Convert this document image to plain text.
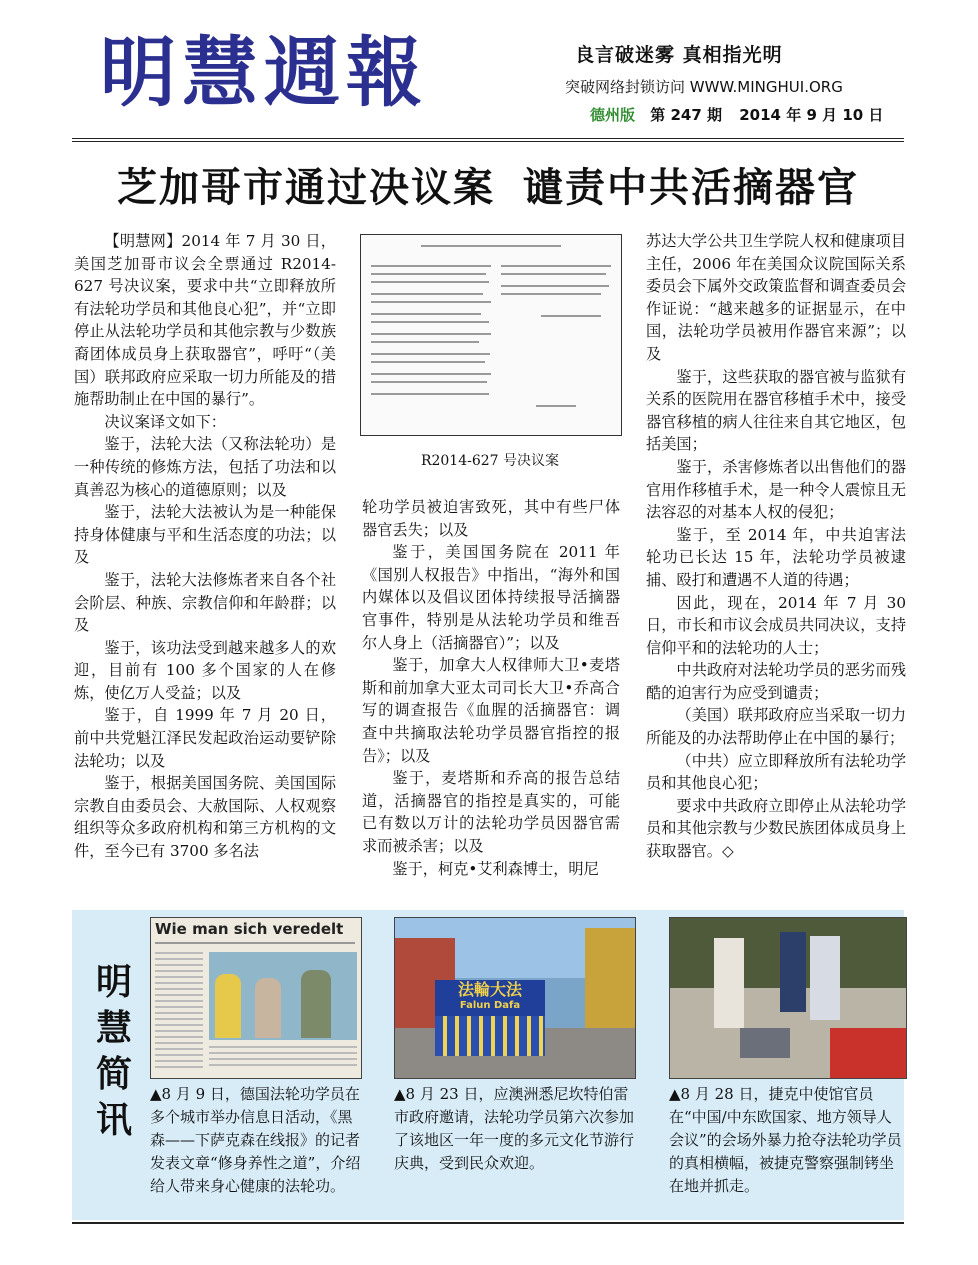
明慧週報	良言破迷雾 真相指光明
突破网络封锁访问 WWW.MINGHUI.ORG
德州版 第 247 期 2014 年 9 月 10 日
芝加哥市通过决议案 谴责中共活摘器官

【明慧网】2014 年 7 月 30 日，美国芝加哥市议会全票通过 R2014-627 号决议案，要求中共“立即释放所有法轮功学员和其他良心犯”，并“立即停止从法轮功学员和其他宗教与少数族裔团体成员身上获取器官”，呼吁“（美国）联邦政府应采取一切力所能及的措施帮助制止在中国的暴行”。

决议案译文如下：

鉴于，法轮大法（又称法轮功）是一种传统的修炼方法，包括了功法和以真善忍为核心的道德原则；以及

鉴于，法轮大法被认为是一种能保持身体健康与平和生活态度的功法；以及

鉴于，法轮大法修炼者来自各个社会阶层、种族、宗教信仰和年龄群；以及

鉴于，该功法受到越来越多人的欢迎，目前有 100 多个国家的人在修炼，使亿万人受益；以及

鉴于，自 1999 年 7 月 20 日，前中共党魁江泽民发起政治运动要铲除法轮功；以及

鉴于，根据美国国务院、美国国际宗教自由委员会、大赦国际、人权观察组织等众多政府机构和第三方机构的文件，至今已有 3700 多名法

R2014-627 号决议案

轮功学员被迫害致死，其中有些尸体器官丢失；以及

鉴于，美国国务院在 2011 年《国别人权报告》中指出，“海外和国内媒体以及倡议团体持续报导活摘器官事件，特别是从法轮功学员和维吾尔人身上（活摘器官）”；以及

鉴于，加拿大人权律师大卫•麦塔斯和前加拿大亚太司司长大卫•乔高合写的调查报告《血腥的活摘器官：调查中共摘取法轮功学员器官指控的报告》；以及

鉴于，麦塔斯和乔高的报告总结道，活摘器官的指控是真实的，可能已有数以万计的法轮功学员因器官需求而被杀害；以及

鉴于，柯克•艾利森博士，明尼

苏达大学公共卫生学院人权和健康项目主任，2006 年在美国众议院国际关系委员会下属外交政策监督和调查委员会作证说：“越来越多的证据显示，在中国，法轮功学员被用作器官来源”；以及

鉴于，这些获取的器官被与监狱有关系的医院用在器官移植手术中，接受器官移植的病人往往来自其它地区，包括美国；

鉴于，杀害修炼者以出售他们的器官用作移植手术，是一种令人震惊且无法容忍的对基本人权的侵犯；

鉴于，至 2014 年，中共迫害法轮功已长达 15 年，法轮功学员被逮捕、殴打和遭遇不人道的待遇；

因此，现在，2014 年 7 月 30 日，市长和市议会成员共同决议，支持信仰平和的法轮功的人士；

中共政府对法轮功学员的恶劣而残酷的迫害行为应受到谴责；

（美国）联邦政府应当采取一切力所能及的办法帮助停止在中国的暴行；

（中共）应立即释放所有法轮功学员和其他良心犯；

要求中共政府立即停止从法轮功学员和其他宗教与少数民族团体成员身上获取器官。◇

明
慧
简
讯
Wie man sich veredelt
法輪大法
Falun Dafa
▲8 月 9 日，德国法轮功学员在多个城市举办信息日活动，《黑森——下萨克森在线报》的记者发表文章“修身养性之道”，介绍给人带来身心健康的法轮功。
▲8 月 23 日，应澳洲悉尼坎特伯雷市政府邀请，法轮功学员第六次参加了该地区一年一度的多元文化节游行庆典，受到民众欢迎。
▲8 月 28 日，捷克中使馆官员在“中国/中东欧国家、地方领导人会议”的会场外暴力抢夺法轮功学员的真相横幅，被捷克警察强制铐坐在地并抓走。
